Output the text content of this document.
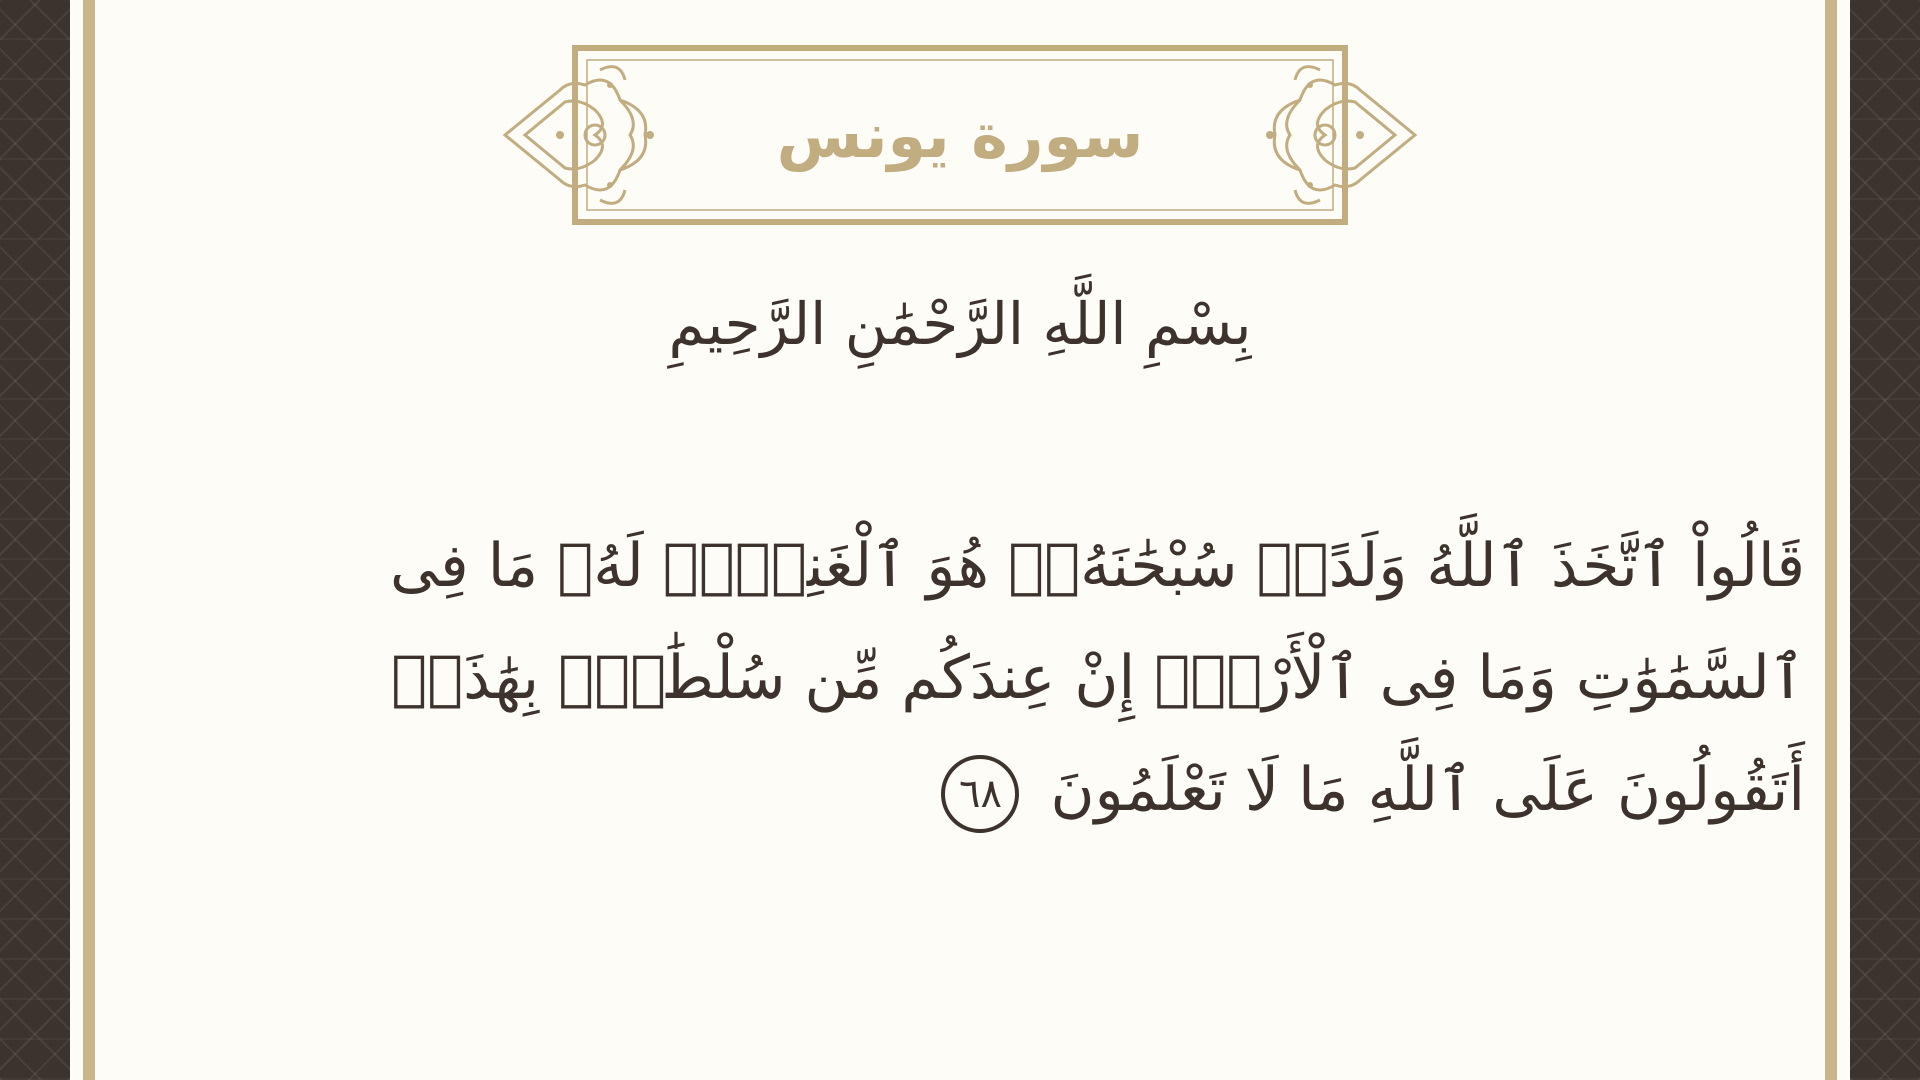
سورة يونس
بِسْمِ اللَّهِ الرَّحْمَٰنِ الرَّحِيمِ
قَالُواْ ٱتَّخَذَ ٱللَّهُ وَلَدًاۗ سُبْحَٰنَهُۥۖ هُوَ ٱلْغَنِىُّۖ لَهُۥ مَا فِى ٱلسَّمَٰوَٰتِ وَمَا فِى ٱلْأَرْضِۚ إِنْ عِندَكُم مِّن سُلْطَٰنٍۭ بِهَٰذَآۚ أَتَقُولُونَ عَلَى ٱللَّهِ مَا لَا تَعْلَمُونَ ٦٨
